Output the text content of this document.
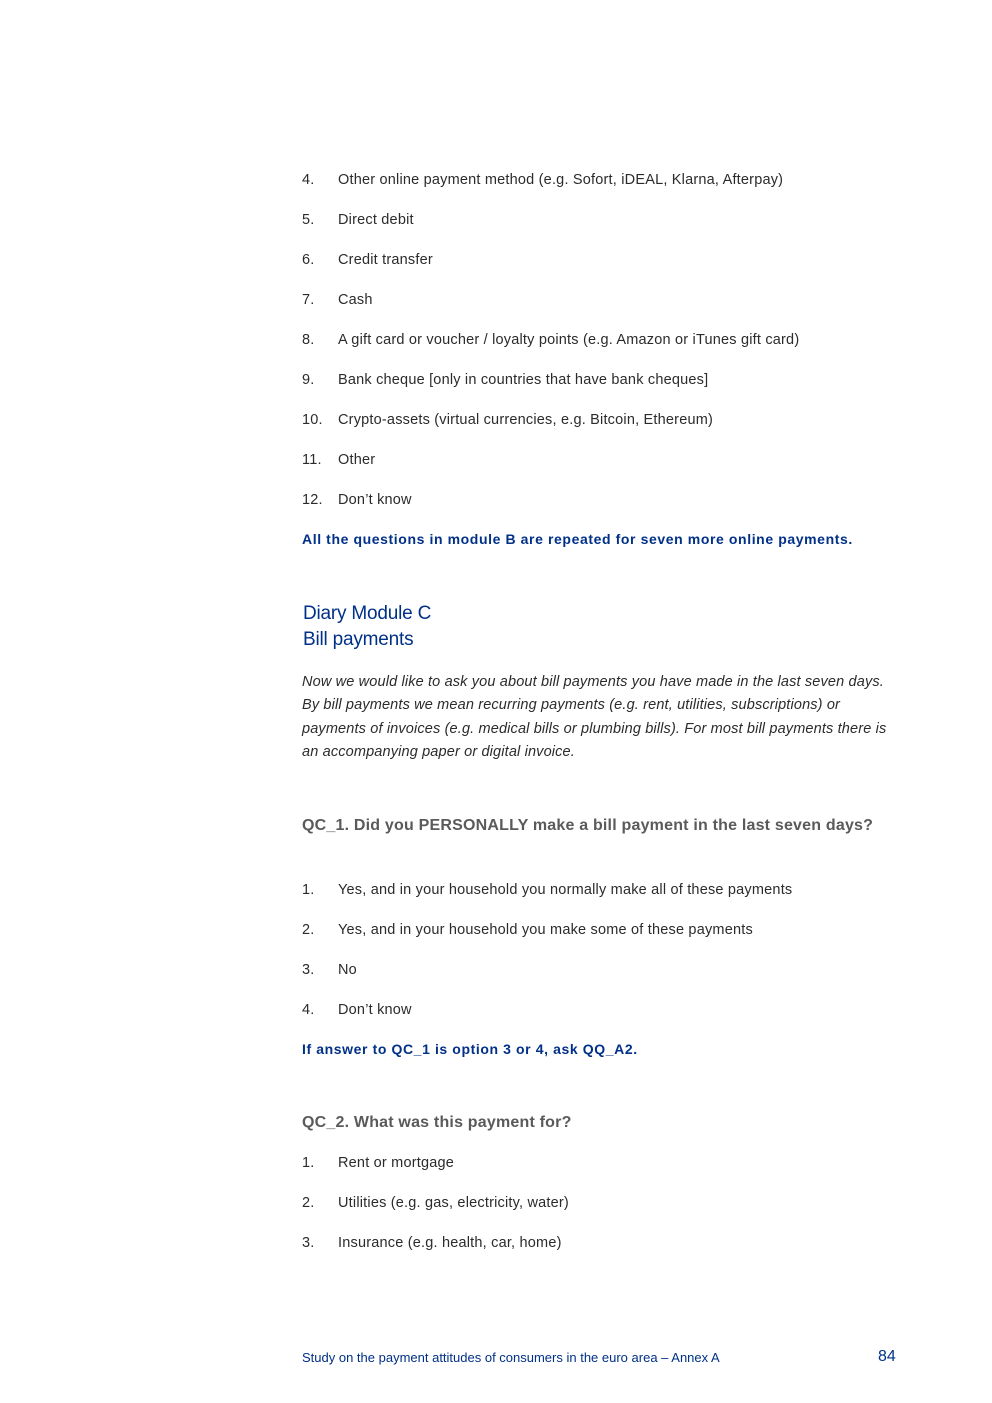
4.	Other online payment method (e.g. Sofort, iDEAL, Klarna, Afterpay)
5.	Direct debit
6.	Credit transfer
7.	Cash
8.	A gift card or voucher / loyalty points (e.g. Amazon or iTunes gift card)
9.	Bank cheque [only in countries that have bank cheques]
10.	Crypto-assets (virtual currencies, e.g. Bitcoin, Ethereum)
11.	Other
12.	Don’t know
All the questions in module B are repeated for seven more online payments.
Diary Module C
Bill payments
Now we would like to ask you about bill payments you have made in the last seven days. By bill payments we mean recurring payments (e.g. rent, utilities, subscriptions) or payments of invoices (e.g. medical bills or plumbing bills). For most bill payments there is an accompanying paper or digital invoice.
QC_1. Did you PERSONALLY make a bill payment in the last seven days?
1.	Yes, and in your household you normally make all of these payments
2.	Yes, and in your household you make some of these payments
3.	No
4.	Don’t know
If answer to QC_1 is option 3 or 4, ask QQ_A2.
QC_2. What was this payment for?
1.	Rent or mortgage
2.	Utilities (e.g. gas, electricity, water)
3.	Insurance (e.g. health, car, home)
Study on the payment attitudes of consumers in the euro area – Annex A	84
